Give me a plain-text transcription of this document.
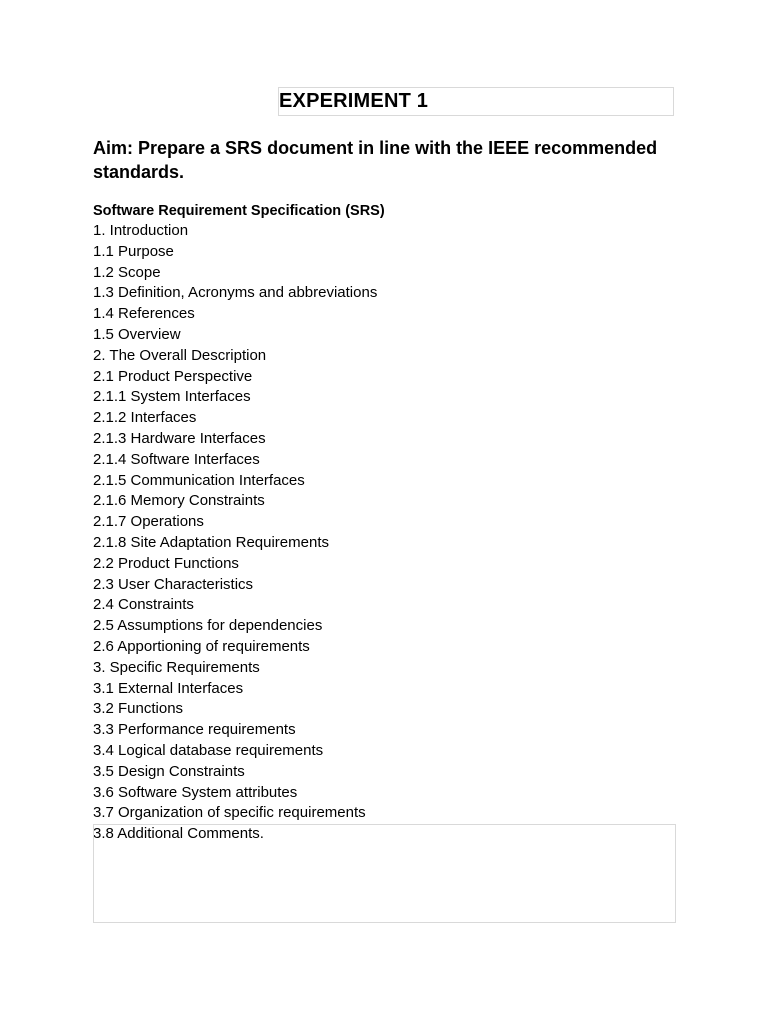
EXPERIMENT 1
Aim: Prepare a SRS document in line with the IEEE recommended standards.
Software Requirement Specification (SRS)
1. Introduction
1.1 Purpose
1.2 Scope
1.3 Definition, Acronyms and abbreviations
1.4 References
1.5 Overview
2. The Overall Description
2.1 Product Perspective
2.1.1 System Interfaces
2.1.2 Interfaces
2.1.3 Hardware Interfaces
2.1.4 Software Interfaces
2.1.5 Communication Interfaces
2.1.6 Memory Constraints
2.1.7 Operations
2.1.8 Site Adaptation Requirements
2.2 Product Functions
2.3 User Characteristics
2.4 Constraints
2.5 Assumptions for dependencies
2.6 Apportioning of requirements
3. Specific Requirements
3.1 External Interfaces
3.2 Functions
3.3 Performance requirements
3.4 Logical database requirements
3.5 Design Constraints
3.6 Software System attributes
3.7 Organization of specific requirements
3.8 Additional Comments.
